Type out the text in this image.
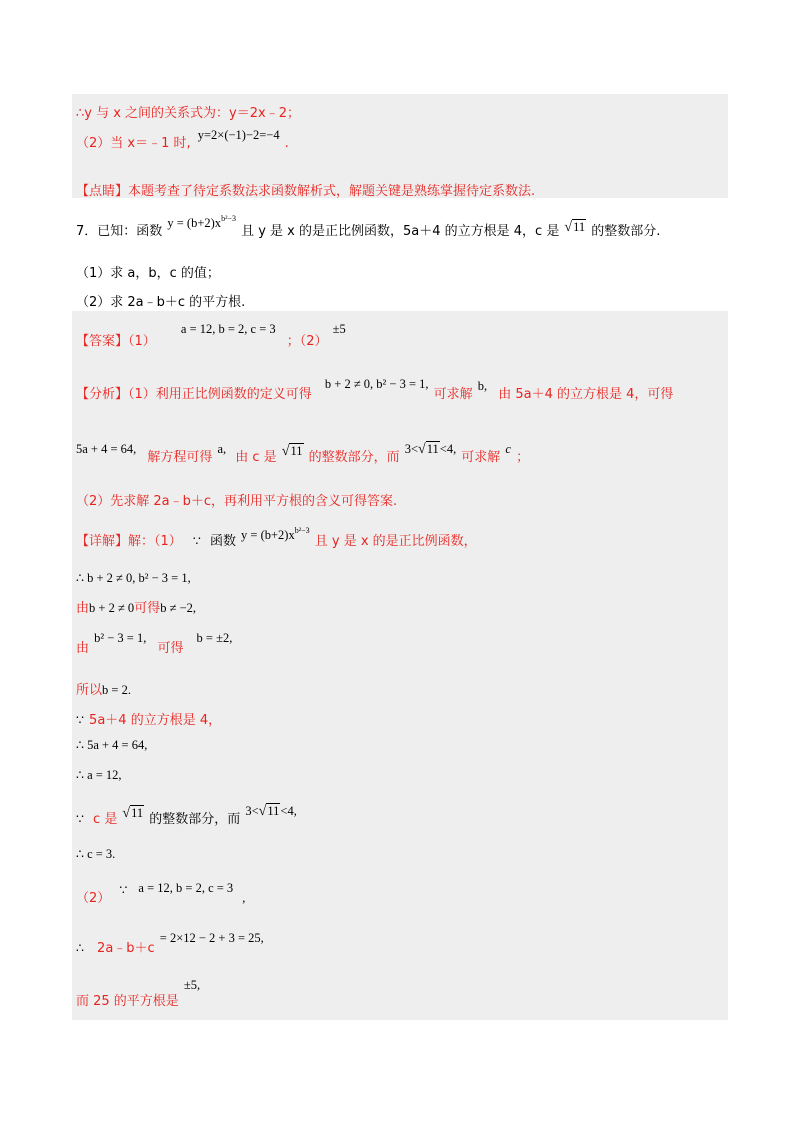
∴y 与 x 之间的关系式为：y＝2x﹣2；
（2）当 x＝﹣1 时, $^{y=2\times(-1)-2=-4}$ .
【点睛】本题考查了待定系数法求函数解析式，解题关键是熟练掌握待定系数法.
7．已知：函数 $^{y = (b+2)x^{b^2-3}}$ 且 y 是 x 的是正比例函数，5a＋4 的立方根是 4，c 是 $^{√11}$ 的整数部分.
（1）求 a，b，c 的值；
（2）求 2a﹣b＋c 的平方根.
【答案】（1） $^{a = 12, b = 2, c = 3}$ ；（2） $^{\pm 5}$
【分析】（1）利用正比例函数的定义可得 $^{b + 2 \ne 0, b^2 - 3 = 1,}$ 可求解 $^{b,}$ 由 5a＋4 的立方根是 4，可得
$^{5a + 4 = 64,}$ 解方程可得 $^{a,}$ 由 c 是 $^{√11}$ 的整数部分，而 $^{3<√11<4,}$ 可求解 $^c$ ；
（2）先求解 2a﹣b＋c，再利用平方根的含义可得答案.
【详解】解：（1） ∵ 函数 $^{y = (b+2)x^{b^2-3}}$ 且 y 是 x 的是正比例函数，
∴ b + 2 ≠ 0, b² − 3 = 1,
由b + 2 ≠ 0可得b ≠ −2,
由 $^{b^2 - 3 = 1,}$ 可得 $^{b = \pm 2,}$
所以b = 2.
∵ 5a＋4 的立方根是 4，
∴ 5a + 4 = 64,
∴ a = 12,
∵ c 是 $^{√11}$ 的整数部分，而 $^{3<√11<4,}$
∴ c = 3.
（2） ∵ $^{a = 12, b = 2, c = 3}$ ,
∴ 2a﹣b＋c $^{= 2\times 12 - 2 + 3 = 25,}$
而 25 的平方根是 $^{\pm 5,}$
